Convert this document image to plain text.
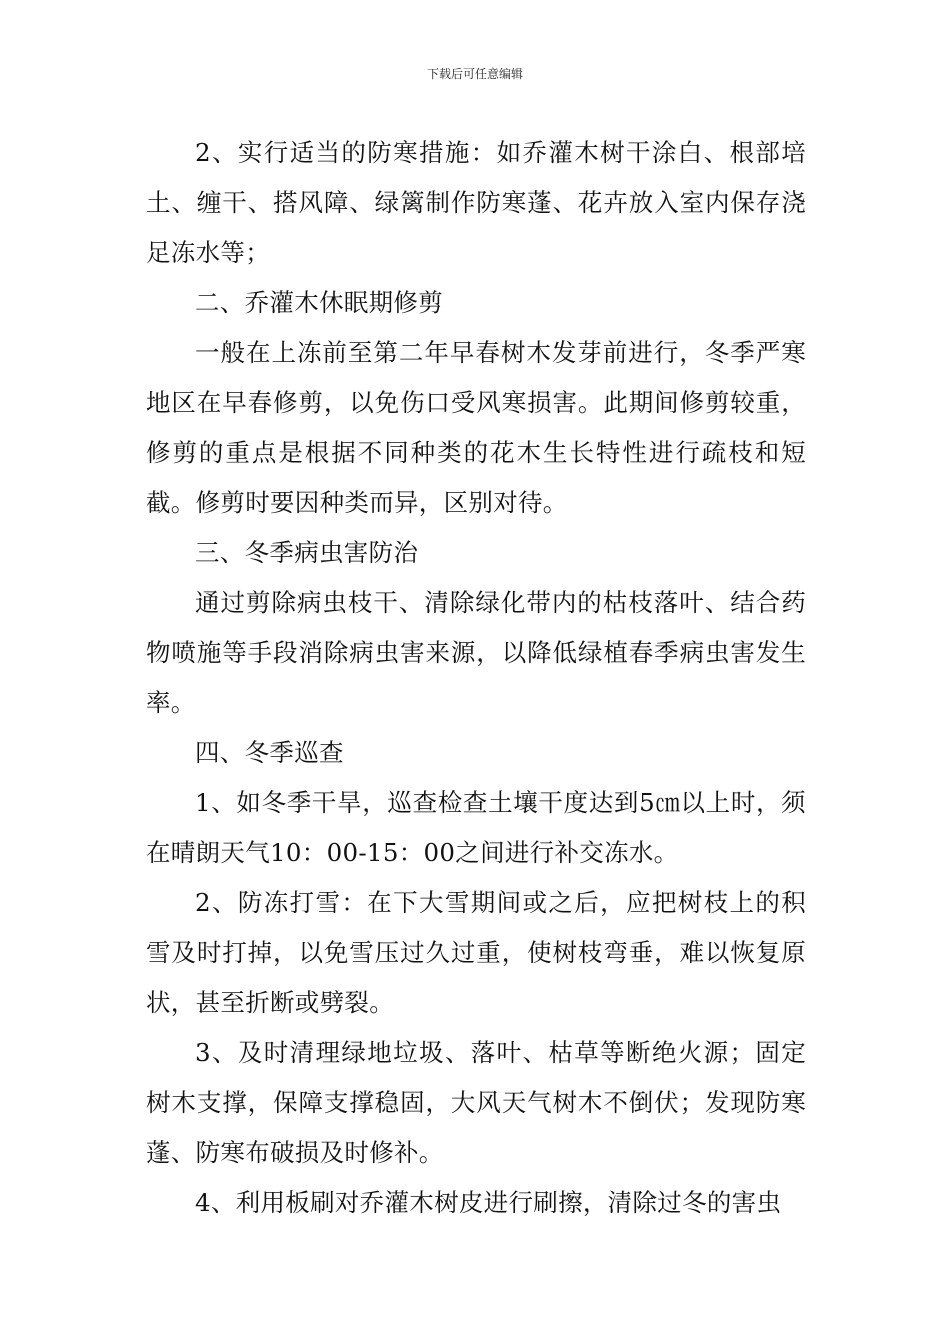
下载后可任意编辑

2、实行适当的防寒措施：如乔灌木树干涂白、根部培土、缠干、搭风障、绿篱制作防寒蓬、花卉放入室内保存浇足冻水等；

二、乔灌木休眠期修剪

一般在上冻前至第二年早春树木发芽前进行，冬季严寒地区在早春修剪，以免伤口受风寒损害。此期间修剪较重，修剪的重点是根据不同种类的花木生长特性进行疏枝和短截。修剪时要因种类而异，区别对待。

三、冬季病虫害防治

通过剪除病虫枝干、清除绿化带内的枯枝落叶、结合药物喷施等手段消除病虫害来源，以降低绿植春季病虫害发生率。

四、冬季巡查

1、如冬季干旱，巡查检查土壤干度达到5㎝以上时，须在晴朗天气10：00-15：00之间进行补交冻水。

2、防冻打雪：在下大雪期间或之后，应把树枝上的积雪及时打掉，以免雪压过久过重，使树枝弯垂，难以恢复原状，甚至折断或劈裂。

3、及时清理绿地垃圾、落叶、枯草等断绝火源；固定树木支撑，保障支撑稳固，大风天气树木不倒伏；发现防寒蓬、防寒布破损及时修补。

4、利用板刷对乔灌木树皮进行刷擦，清除过冬的害虫
